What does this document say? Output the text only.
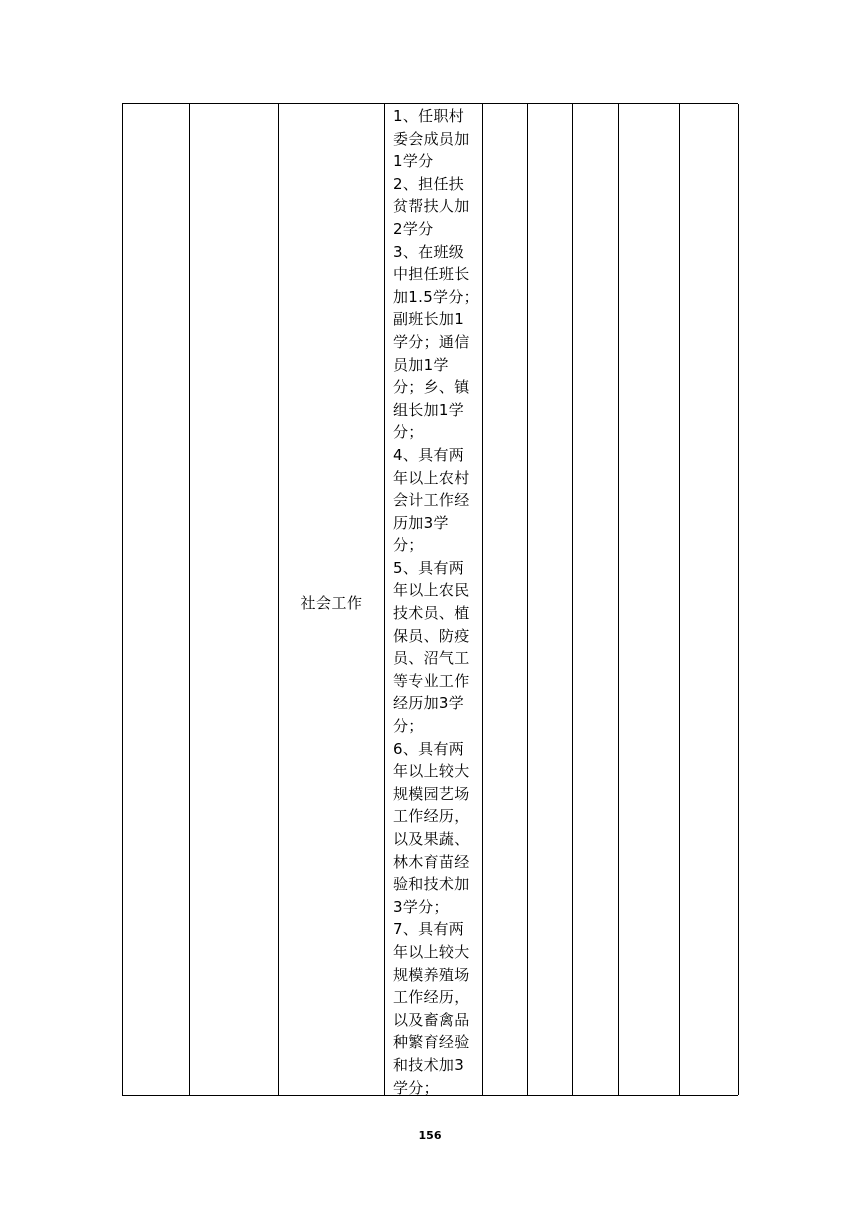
社会工作
1、任职村委会成员加1学分
2、担任扶贫帮扶人加2学分
3、在班级中担任班长加1.5学分；副班长加1学分；通信员加1学分；乡、镇组长加1学分；
4、具有两年以上农村会计工作经历加3学分；
5、具有两年以上农民技术员、植保员、防疫员、沼气工等专业工作经历加3学分；
6、具有两年以上较大规模园艺场工作经历，以及果蔬、林木育苗经验和技术加3学分；
7、具有两年以上较大规模养殖场工作经历，以及畜禽品种繁育经验和技术加3学分；
156
